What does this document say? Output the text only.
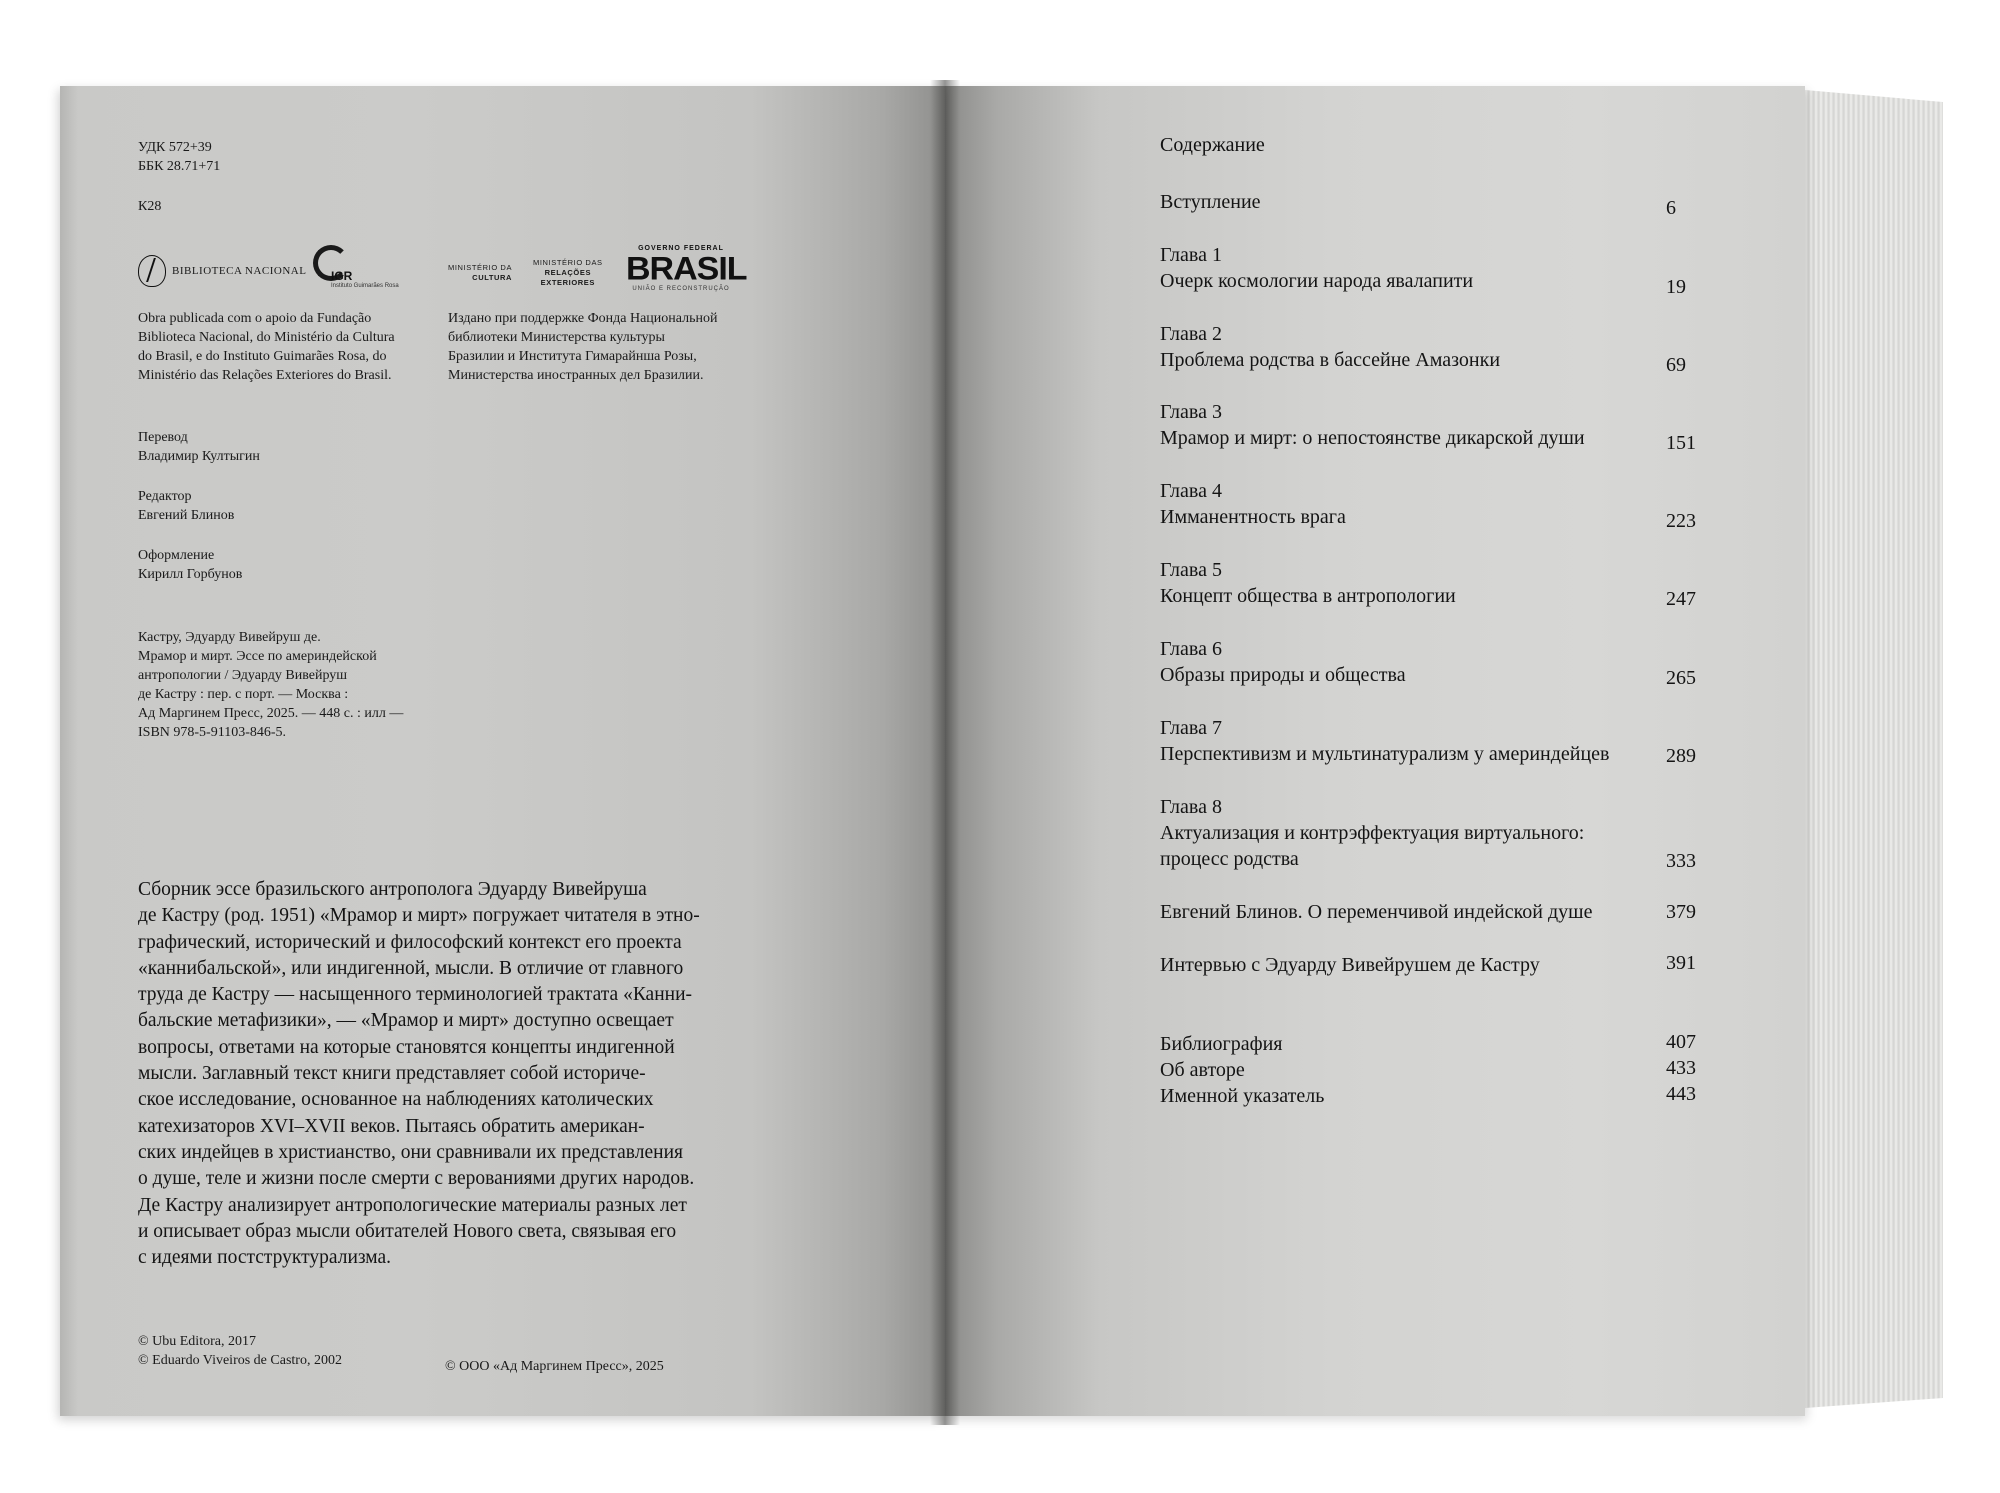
УДК 572+39
ББК 28.71+71
К28
BIBLIOTECA NACIONAL IGR
Instituto Guimarães Rosa
MINISTÉRIO DA
CULTURA
MINISTÉRIO DAS
RELAÇÕES
EXTERIORES
GOVERNO FEDERAL
BRASIL
UNIÃO E RECONSTRUÇÃO
Obra publicada com o apoio da Fundação
Biblioteca Nacional, do Ministério da Cultura
do Brasil, e do Instituto Guimarães Rosa, do
Ministério das Relações Exteriores do Brasil.
Издано при поддержке Фонда Национальной
библиотеки Министерства культуры
Бразилии и Института Гимарайнша Розы,
Министерства иностранных дел Бразилии.
Перевод
Владимир Култыгин
Редактор
Евгений Блинов
Оформление
Кирилл Горбунов
Кастру, Эдуарду Вивейруш де.
Мрамор и мирт. Эссе по америндейской
антропологии / Эдуарду Вивейруш
де Кастру : пер. с порт. — Москва :
Ад Маргинем Пресс, 2025. — 448 с. : илл —
ISBN 978-5-91103-846-5.
Сборник эссе бразильского антрополога Эдуарду Вивейруша
де Кастру (род. 1951) «Мрамор и мирт» погружает читателя в этно-
графический, исторический и философский контекст его проекта
«каннибальской», или индигенной, мысли. В отличие от главного
труда де Кастру — насыщенного терминологией трактата «Канни-
бальские метафизики», — «Мрамор и мирт» доступно освещает
вопросы, ответами на которые становятся концепты индигенной
мысли. Заглавный текст книги представляет собой историче-
ское исследование, основанное на наблюдениях католических
катехизаторов XVI–XVII веков. Пытаясь обратить американ-
ских индейцев в христианство, они сравнивали их представления
о душе, теле и жизни после смерти с верованиями других народов.
Де Кастру анализирует антропологические материалы разных лет
и описывает образ мысли обитателей Нового света, связывая его
с идеями постструктурализма.
© Ubu Editora, 2017
© Eduardo Viveiros de Castro, 2002	© ООО «Ад Маргинем Пресс», 2025
Содержание
Вступление	6
Глава 1
Очерк космологии народа явалапити	19
Глава 2
Проблема родства в бассейне Амазонки	69
Глава 3
Мрамор и мирт: о непостоянстве дикарской души	151
Глава 4
Имманентность врага	223
Глава 5
Концепт общества в антропологии	247
Глава 6
Образы природы и общества	265
Глава 7
Перспективизм и мультинатурализм у америндейцев	289
Глава 8
Актуализация и контрэффектуация виртуального:
процесс родства	333
Евгений Блинов. О переменчивой индейской душе	379
Интервью с Эдуарду Вивейрушем де Кастру	391
Библиография	407
Об авторе	433
Именной указатель	443
